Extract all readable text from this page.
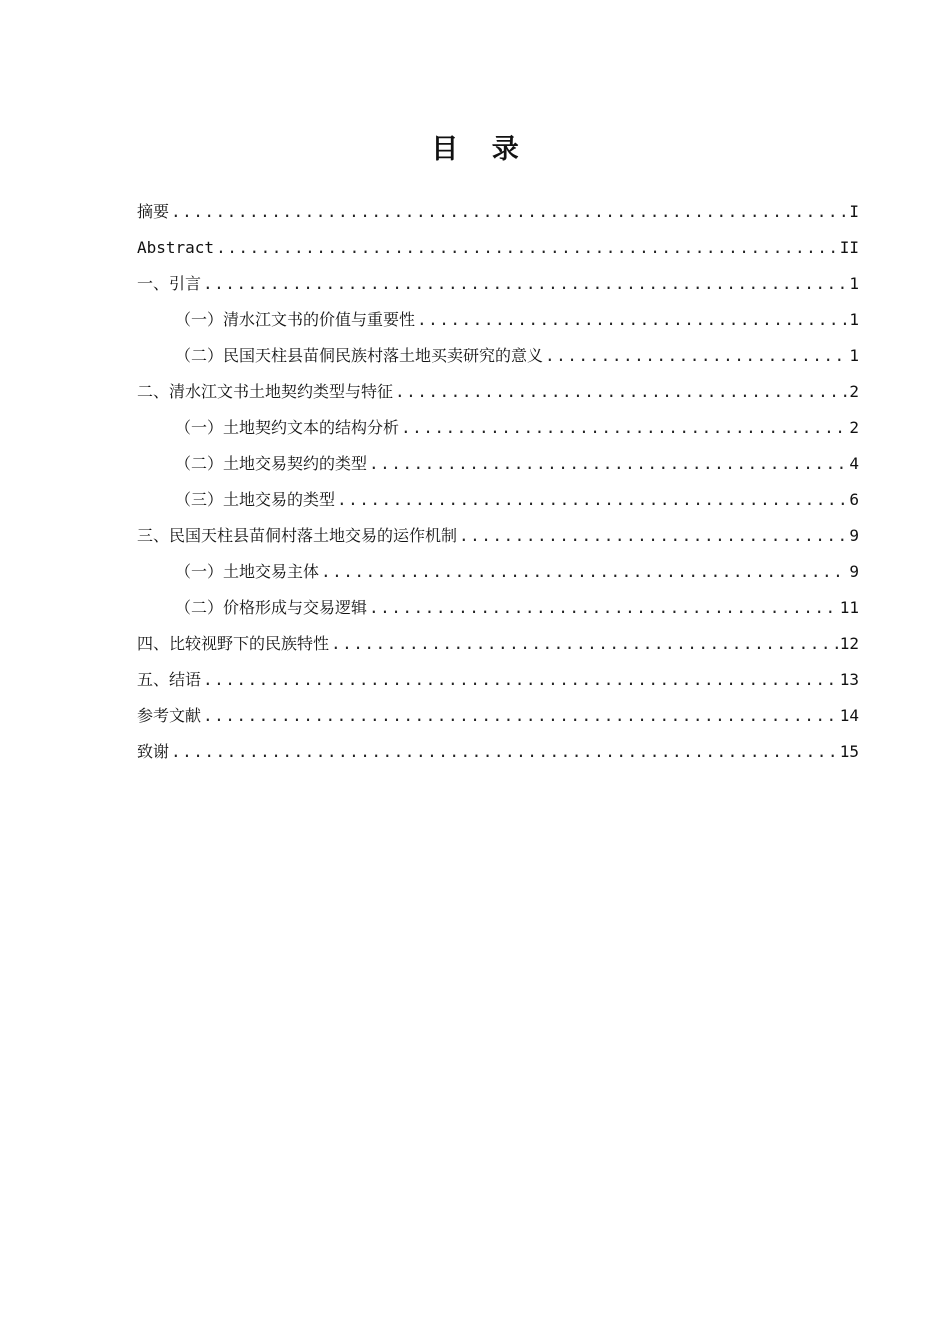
目 录
摘要 .....	I
Abstract .....	II
一、引言 .....	1
（一）清水江文书的价值与重要性 .....	1
（二）民国天柱县苗侗民族村落土地买卖研究的意义 .....	1
二、清水江文书土地契约类型与特征 .....	2
（一）土地契约文本的结构分析 .....	2
（二）土地交易契约的类型 .....	4
（三）土地交易的类型 .....	6
三、民国天柱县苗侗村落土地交易的运作机制 .....	9
（一）土地交易主体 .....	9
（二）价格形成与交易逻辑 .....	11
四、比较视野下的民族特性 .....	12
五、结语 .....	13
参考文献 .....	14
致谢 .....	15
